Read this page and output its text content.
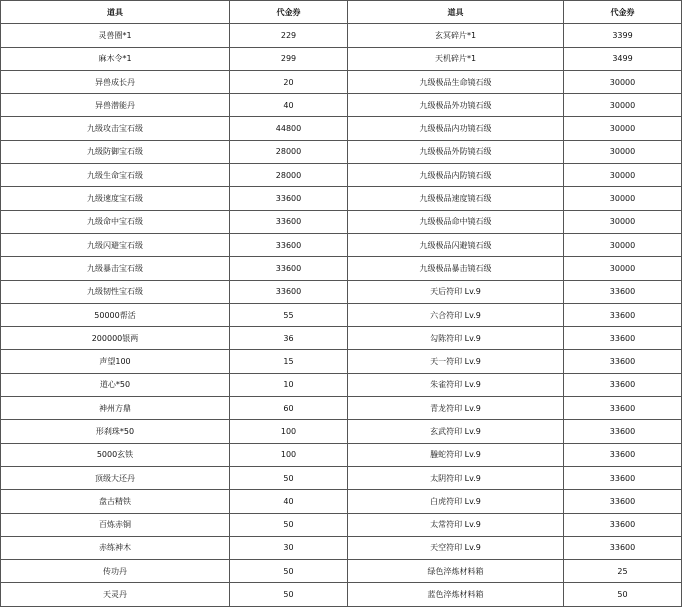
道具	代金券	道具	代金券
灵兽圈*1	229	玄冥碎片*1	3399
麻木令*1	299	天机碎片*1	3499
异兽成长丹	20	九级极品生命镜石级	30000
异兽潜能丹	40	九级极品外功镜石级	30000
九级攻击宝石级	44800	九级极品内功镜石级	30000
九级防御宝石级	28000	九级极品外防镜石级	30000
九级生命宝石级	28000	九级极品内防镜石级	30000
九级速度宝石级	33600	九级极品速度镜石级	30000
九级命中宝石级	33600	九级极品命中镜石级	30000
九级闪避宝石级	33600	九级极品闪避镜石级	30000
九级暴击宝石级	33600	九级极品暴击镜石级	30000
九级韧性宝石级	33600	天后符印 Lv.9	33600
50000帮活	55	六合符印 Lv.9	33600
200000银两	36	勾陈符印 Lv.9	33600
声望100	15	天一符印 Lv.9	33600
道心*50	10	朱雀符印 Lv.9	33600
神州方鼎	60	青龙符印 Lv.9	33600
形刹珠*50	100	玄武符印 Lv.9	33600
5000玄铁	100	螣蛇符印 Lv.9	33600
顶级大还丹	50	太阴符印 Lv.9	33600
盘古精铁	40	白虎符印 Lv.9	33600
百炼赤铜	50	太常符印 Lv.9	33600
赤练神木	30	天空符印 Lv.9	33600
传功丹	50	绿色淬炼材料箱	25
天灵丹	50	蓝色淬炼材料箱	50
